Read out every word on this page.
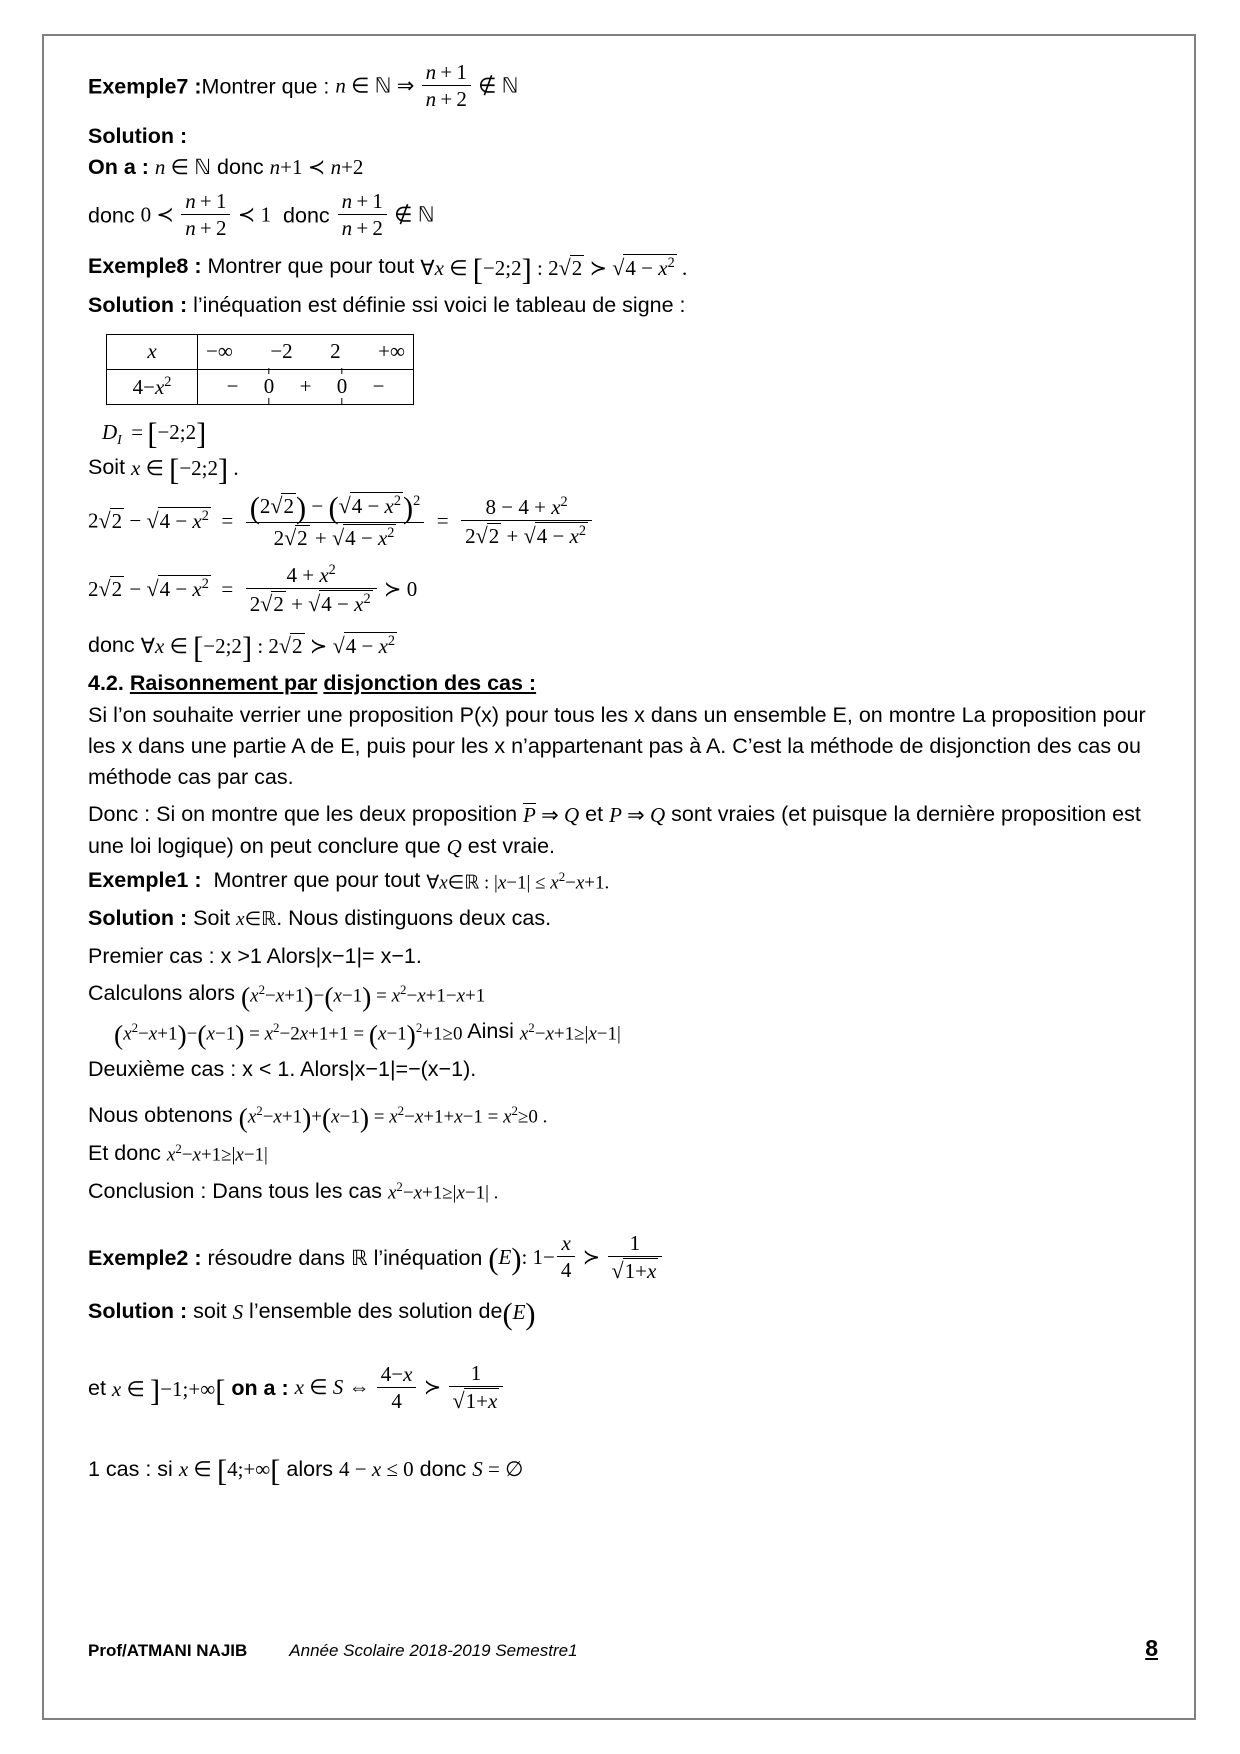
Exemple7 :Montrer que : n ∈ ℕ ⇒ $\frac{n + 1}{n + 2}$ ∉ ℕ
Solution :
On a : n ∈ ℕ donc n+1 ≺ n+2
donc 0 ≺ $\frac{n + 1}{n + 2}$ ≺ 1  donc $\frac{n + 1}{n + 2}$ ∉ ℕ
Exemple8 : Montrer que pour tout ∀x ∈ [−2;2] : 2√2 ≻ $√4 - x^2$ .
Solution : l’inéquation est définie ssi voici le tableau de signe :
x	−∞ −2 2 +∞

$4-x^2$	− 0 + 0 −
$D_I$  = [−2;2]
Soit x ∈ [−2;2] .
$2√2 - √4 - x^2 = \frac{(2√2) - (√4 - x^2)^2}{2√2 + √4 - x^2} = \frac{8 - 4 + x^2}{2√2 + √4 - x^2}$
$2√2 - √4 - x^2 = \frac{4 + x^2}{2√2 + √4 - x^2}$ ≻ 0
donc ∀x ∈ [−2;2] : 2√2 ≻ $√4 - x^2$
4.2. Raisonnement par disjonction des cas :
Si l’on souhaite verrier une proposition P(x) pour tous les x dans un ensemble E, on montre La proposition pour les x dans une partie A de E, puis pour les x n’appartenant pas à A. C’est la méthode de disjonction des cas ou méthode cas par cas.
Donc : Si on montre que les deux proposition P ⇒ Q et P ⇒ Q sont vraies (et puisque la dernière proposition est une loi logique) on peut conclure que Q est vraie.
Exemple1 : Montrer que pour tout ∀x∈ℝ : $|x-1| \le x^2-x+1$.
Solution : Soit x∈ℝ. Nous distinguons deux cas.
Premier cas : x >1 Alors|x−1|= x−1.
Calculons alors $(x^2-x+1)-(x-1) = x^2-x+1-x+1$
$(x^2-x+1)-(x-1) = x^2-2x+1+1 = (x-1)^2+1\ge 0$ Ainsi $x^2-x+1\ge|x-1|$
Deuxième cas : x < 1. Alors|x−1|=−(x−1).
Nous obtenons $(x^2-x+1)+(x-1) = x^2-x+1+x-1 = x^2\ge 0$ .
Et donc $x^2-x+1\ge|x-1|$
Conclusion : Dans tous les cas $x^2-x+1\ge|x-1|$ .
Exemple2 : résoudre dans ℝ l’inéquation (E): $1- \frac{x}{4}$ ≻ $\frac{1}{√1+x}$
Solution : soit S l’ensemble des solution de(E)
et x ∈ ]−1;+∞[ on a : x ∈ S ⇔ $\frac{4-x}{4}$ ≻ $\frac{1}{√1+x}$
1 cas : si x ∈ [4;+∞[ alors 4 − x ≤ 0 donc S = ∅
Prof/ATMANI NAJIB Année Scolaire 2018-2019 Semestre1	8
